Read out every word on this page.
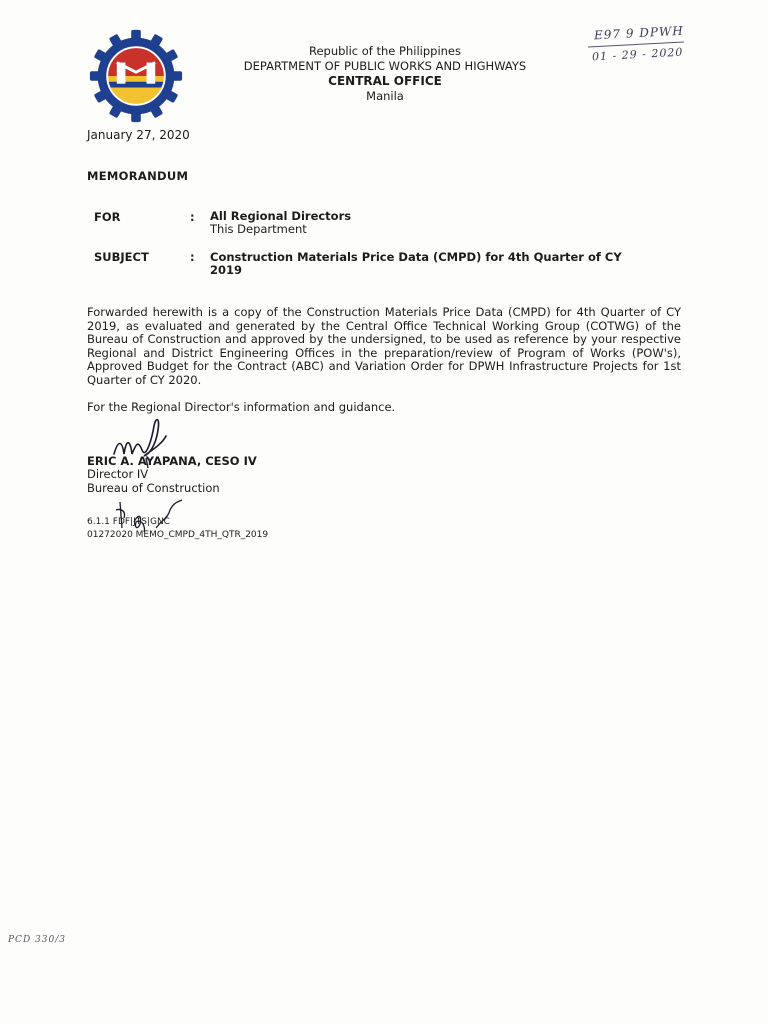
Republic of the Philippines
DEPARTMENT OF PUBLIC WORKS AND HIGHWAYS
CENTRAL OFFICE
Manila
E97 9 DPWH
01 - 29 - 2020
January 27, 2020
MEMORANDUM
FOR	: All Regional Directors
This Department
SUBJECT	: Construction Materials Price Data (CMPD) for 4th Quarter of CY
2019
Forwarded herewith is a copy of the Construction Materials Price Data (CMPD) for 4th Quarter of CY 2019, as evaluated and generated by the Central Office Technical Working Group (COTWG) of the Bureau of Construction and approved by the undersigned, to be used as reference by your respective Regional and District Engineering Offices in the preparation/review of Program of Works (POW's), Approved Budget for the Contract (ABC) and Variation Order for DPWH Infrastructure Projects for 1st Quarter of CY 2020.
For the Regional Director's information and guidance.
ERIC A. AYAPANA, CESO IV
Director IV
Bureau of Construction
6.1.1 FDF|JTS|GNC
01272020 MEMO_CMPD_4TH_QTR_2019
PCD 330/3
